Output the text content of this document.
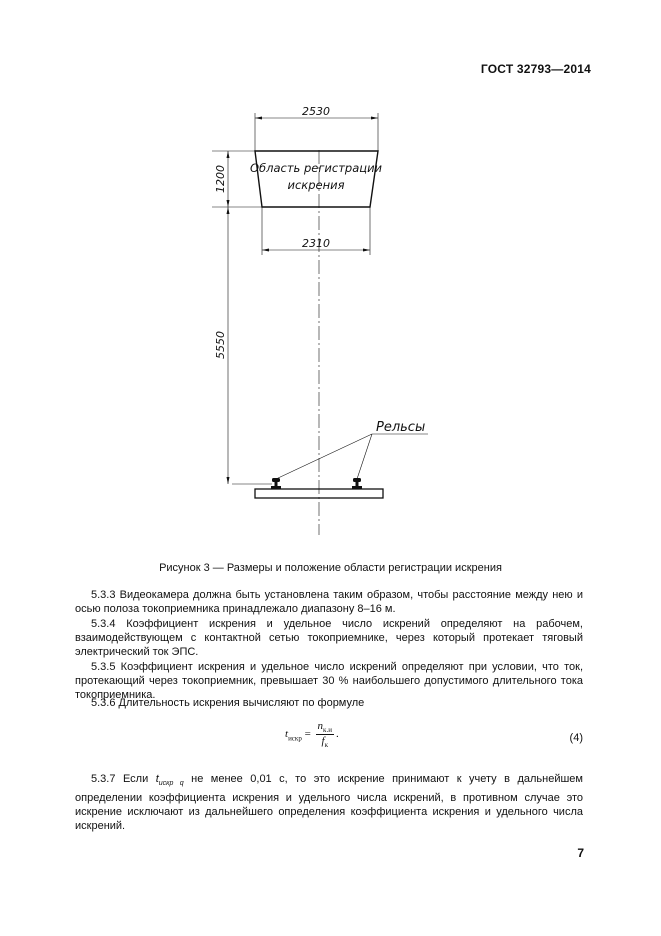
ГОСТ 32793—2014
2530
2310
1200
5550
Область регистрации
искрения
Рельсы
Рисунок 3 — Размеры и положение области регистрации искрения

5.3.3 Видеокамера должна быть установлена таким образом, чтобы расстояние между нею и осью полоза токоприемника принадлежало диапазону 8–16 м.

5.3.4 Коэффициент искрения и удельное число искрений определяют на рабочем, взаимодействующем с контактной сетью токоприемнике, через который протекает тяговый электрический ток ЭПС.

5.3.5 Коэффициент искрения и удельное число искрений определяют при условии, что ток, протекающий через токоприемник, превышает 30 % наибольшего допустимого длительного тока токоприемника.

5.3.6 Длительность искрения вычисляют по формуле

$t_{искр} = \frac{n_{к.и}}{f_к}$ .	(4)

5.3.7 Если $t_{искр q}$ не менее 0,01 с, то это искрение принимают к учету в дальнейшем определении коэффициента искрения и удельного числа искрений, в противном случае это искрение исключают из дальнейшего определения коэффициента искрения и удельного числа искрений.

7
